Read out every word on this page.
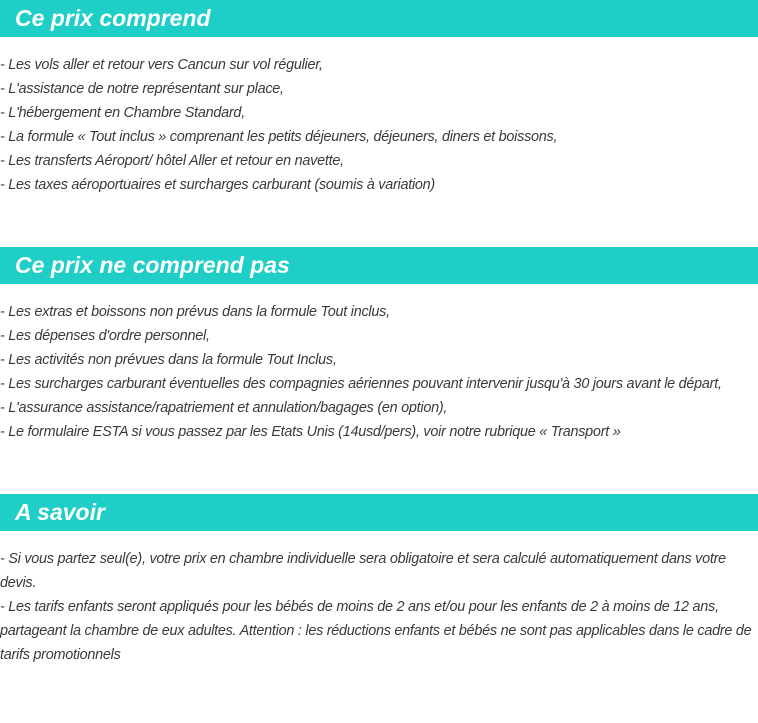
Ce prix comprend
- Les vols aller et retour vers Cancun sur vol régulier,
- L'assistance de notre représentant sur place,
- L'hébergement en Chambre Standard,
- La formule « Tout inclus » comprenant les petits déjeuners, déjeuners, diners et boissons,
- Les transferts Aéroport/ hôtel Aller et retour en navette,
- Les taxes aéroportuaires et surcharges carburant (soumis à variation)
Ce prix ne comprend pas
- Les extras et boissons non prévus dans la formule Tout inclus,
- Les dépenses d'ordre personnel,
- Les activités non prévues dans la formule Tout Inclus,
- Les surcharges carburant éventuelles des compagnies aériennes pouvant intervenir jusqu'à 30 jours avant le départ,
- L'assurance assistance/rapatriement et annulation/bagages (en option),
- Le formulaire ESTA si vous passez par les Etats Unis (14usd/pers), voir notre rubrique « Transport »
A savoir
- Si vous partez seul(e), votre prix en chambre individuelle sera obligatoire et sera calculé automatiquement dans votre devis.
- Les tarifs enfants seront appliqués pour les bébés de moins de 2 ans et/ou pour les enfants de 2 à moins de 12 ans, partageant la chambre de eux adultes. Attention : les réductions enfants et bébés ne sont pas applicables dans le cadre de tarifs promotionnels
